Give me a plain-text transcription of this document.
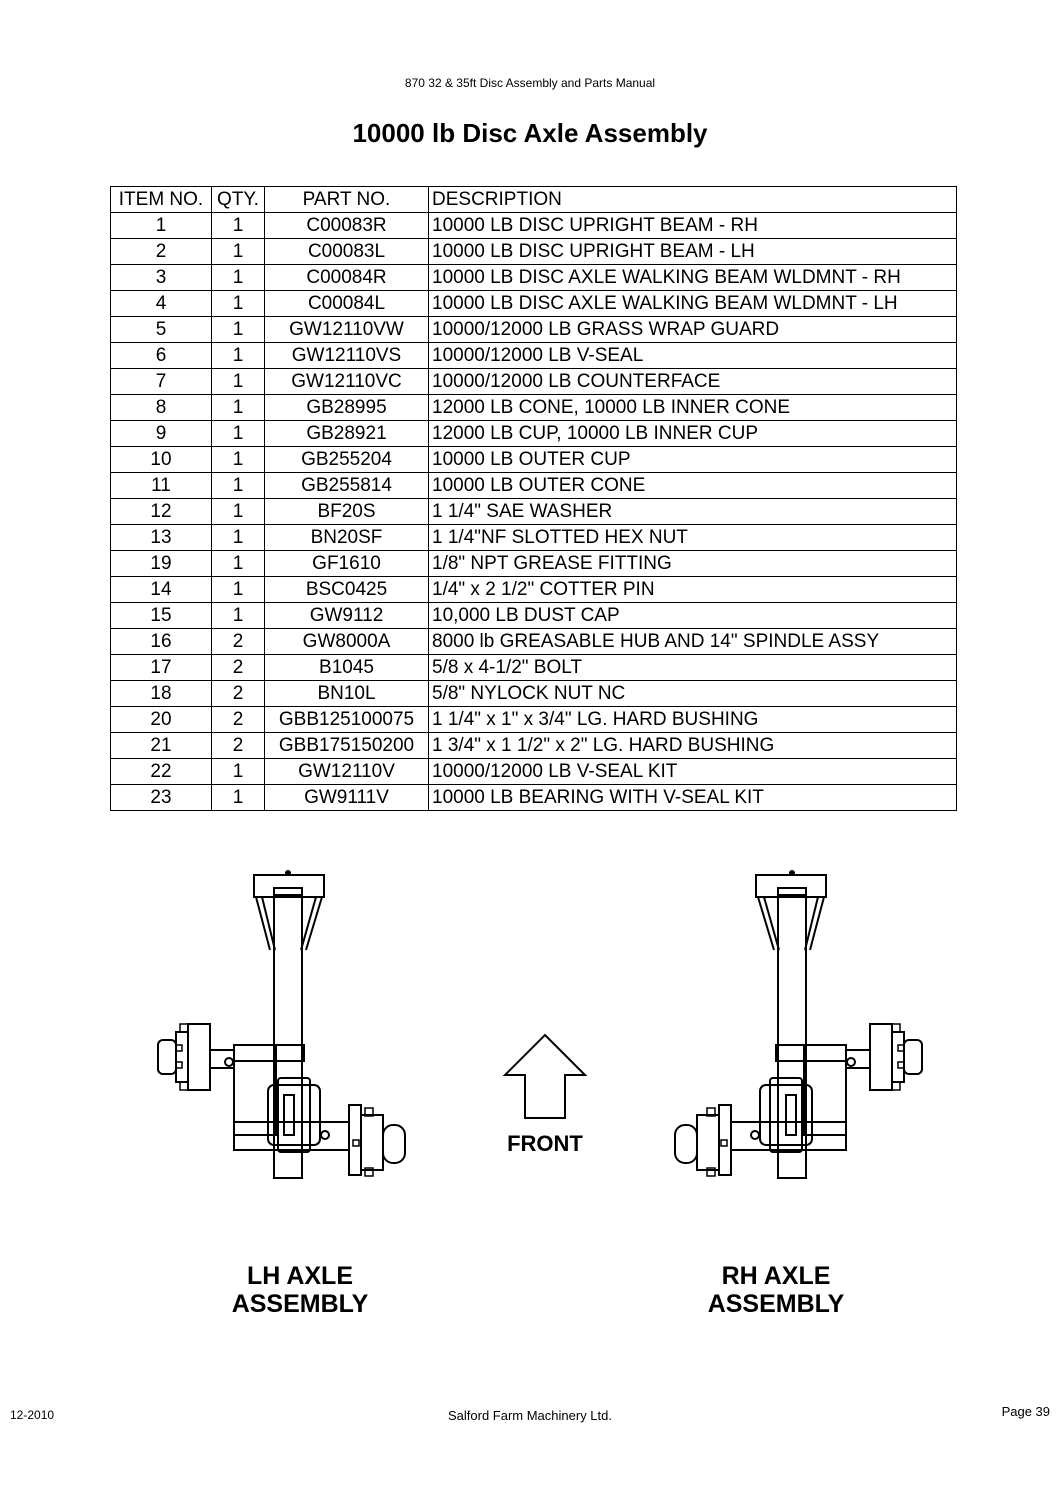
870 32 & 35ft Disc Assembly and Parts Manual
10000 lb Disc Axle Assembly
ITEM NO.	QTY.	PART NO.	DESCRIPTION
1	1	C00083R	10000 LB DISC UPRIGHT BEAM - RH
2	1	C00083L	10000 LB DISC UPRIGHT BEAM - LH
3	1	C00084R	10000 LB DISC AXLE WALKING BEAM WLDMNT - RH
4	1	C00084L	10000 LB DISC AXLE WALKING BEAM WLDMNT - LH
5	1	GW12110VW	10000/12000 LB GRASS WRAP GUARD
6	1	GW12110VS	10000/12000 LB V-SEAL
7	1	GW12110VC	10000/12000 LB COUNTERFACE
8	1	GB28995	12000 LB CONE, 10000 LB INNER CONE
9	1	GB28921	12000 LB CUP, 10000 LB INNER CUP
10	1	GB255204	10000 LB OUTER CUP
11	1	GB255814	10000 LB OUTER CONE
12	1	BF20S	1 1/4" SAE WASHER
13	1	BN20SF	1 1/4"NF SLOTTED HEX NUT
19	1	GF1610	1/8" NPT GREASE FITTING
14	1	BSC0425	1/4" x 2 1/2" COTTER PIN
15	1	GW9112	10,000 LB DUST CAP
16	2	GW8000A	8000 lb GREASABLE HUB AND 14" SPINDLE ASSY
17	2	B1045	5/8 x 4-1/2" BOLT
18	2	BN10L	5/8" NYLOCK NUT NC
20	2	GBB125100075	1 1/4" x 1" x 3/4" LG. HARD BUSHING
21	2	GBB175150200	1 3/4" x 1 1/2" x 2" LG. HARD BUSHING
22	1	GW12110V	10000/12000 LB V-SEAL KIT
23	1	GW9111V	10000 LB BEARING WITH V-SEAL KIT
FRONT
LH AXLE
ASSEMBLY
RH AXLE
ASSEMBLY
12-2010	Salford Farm Machinery Ltd.	Page 39
